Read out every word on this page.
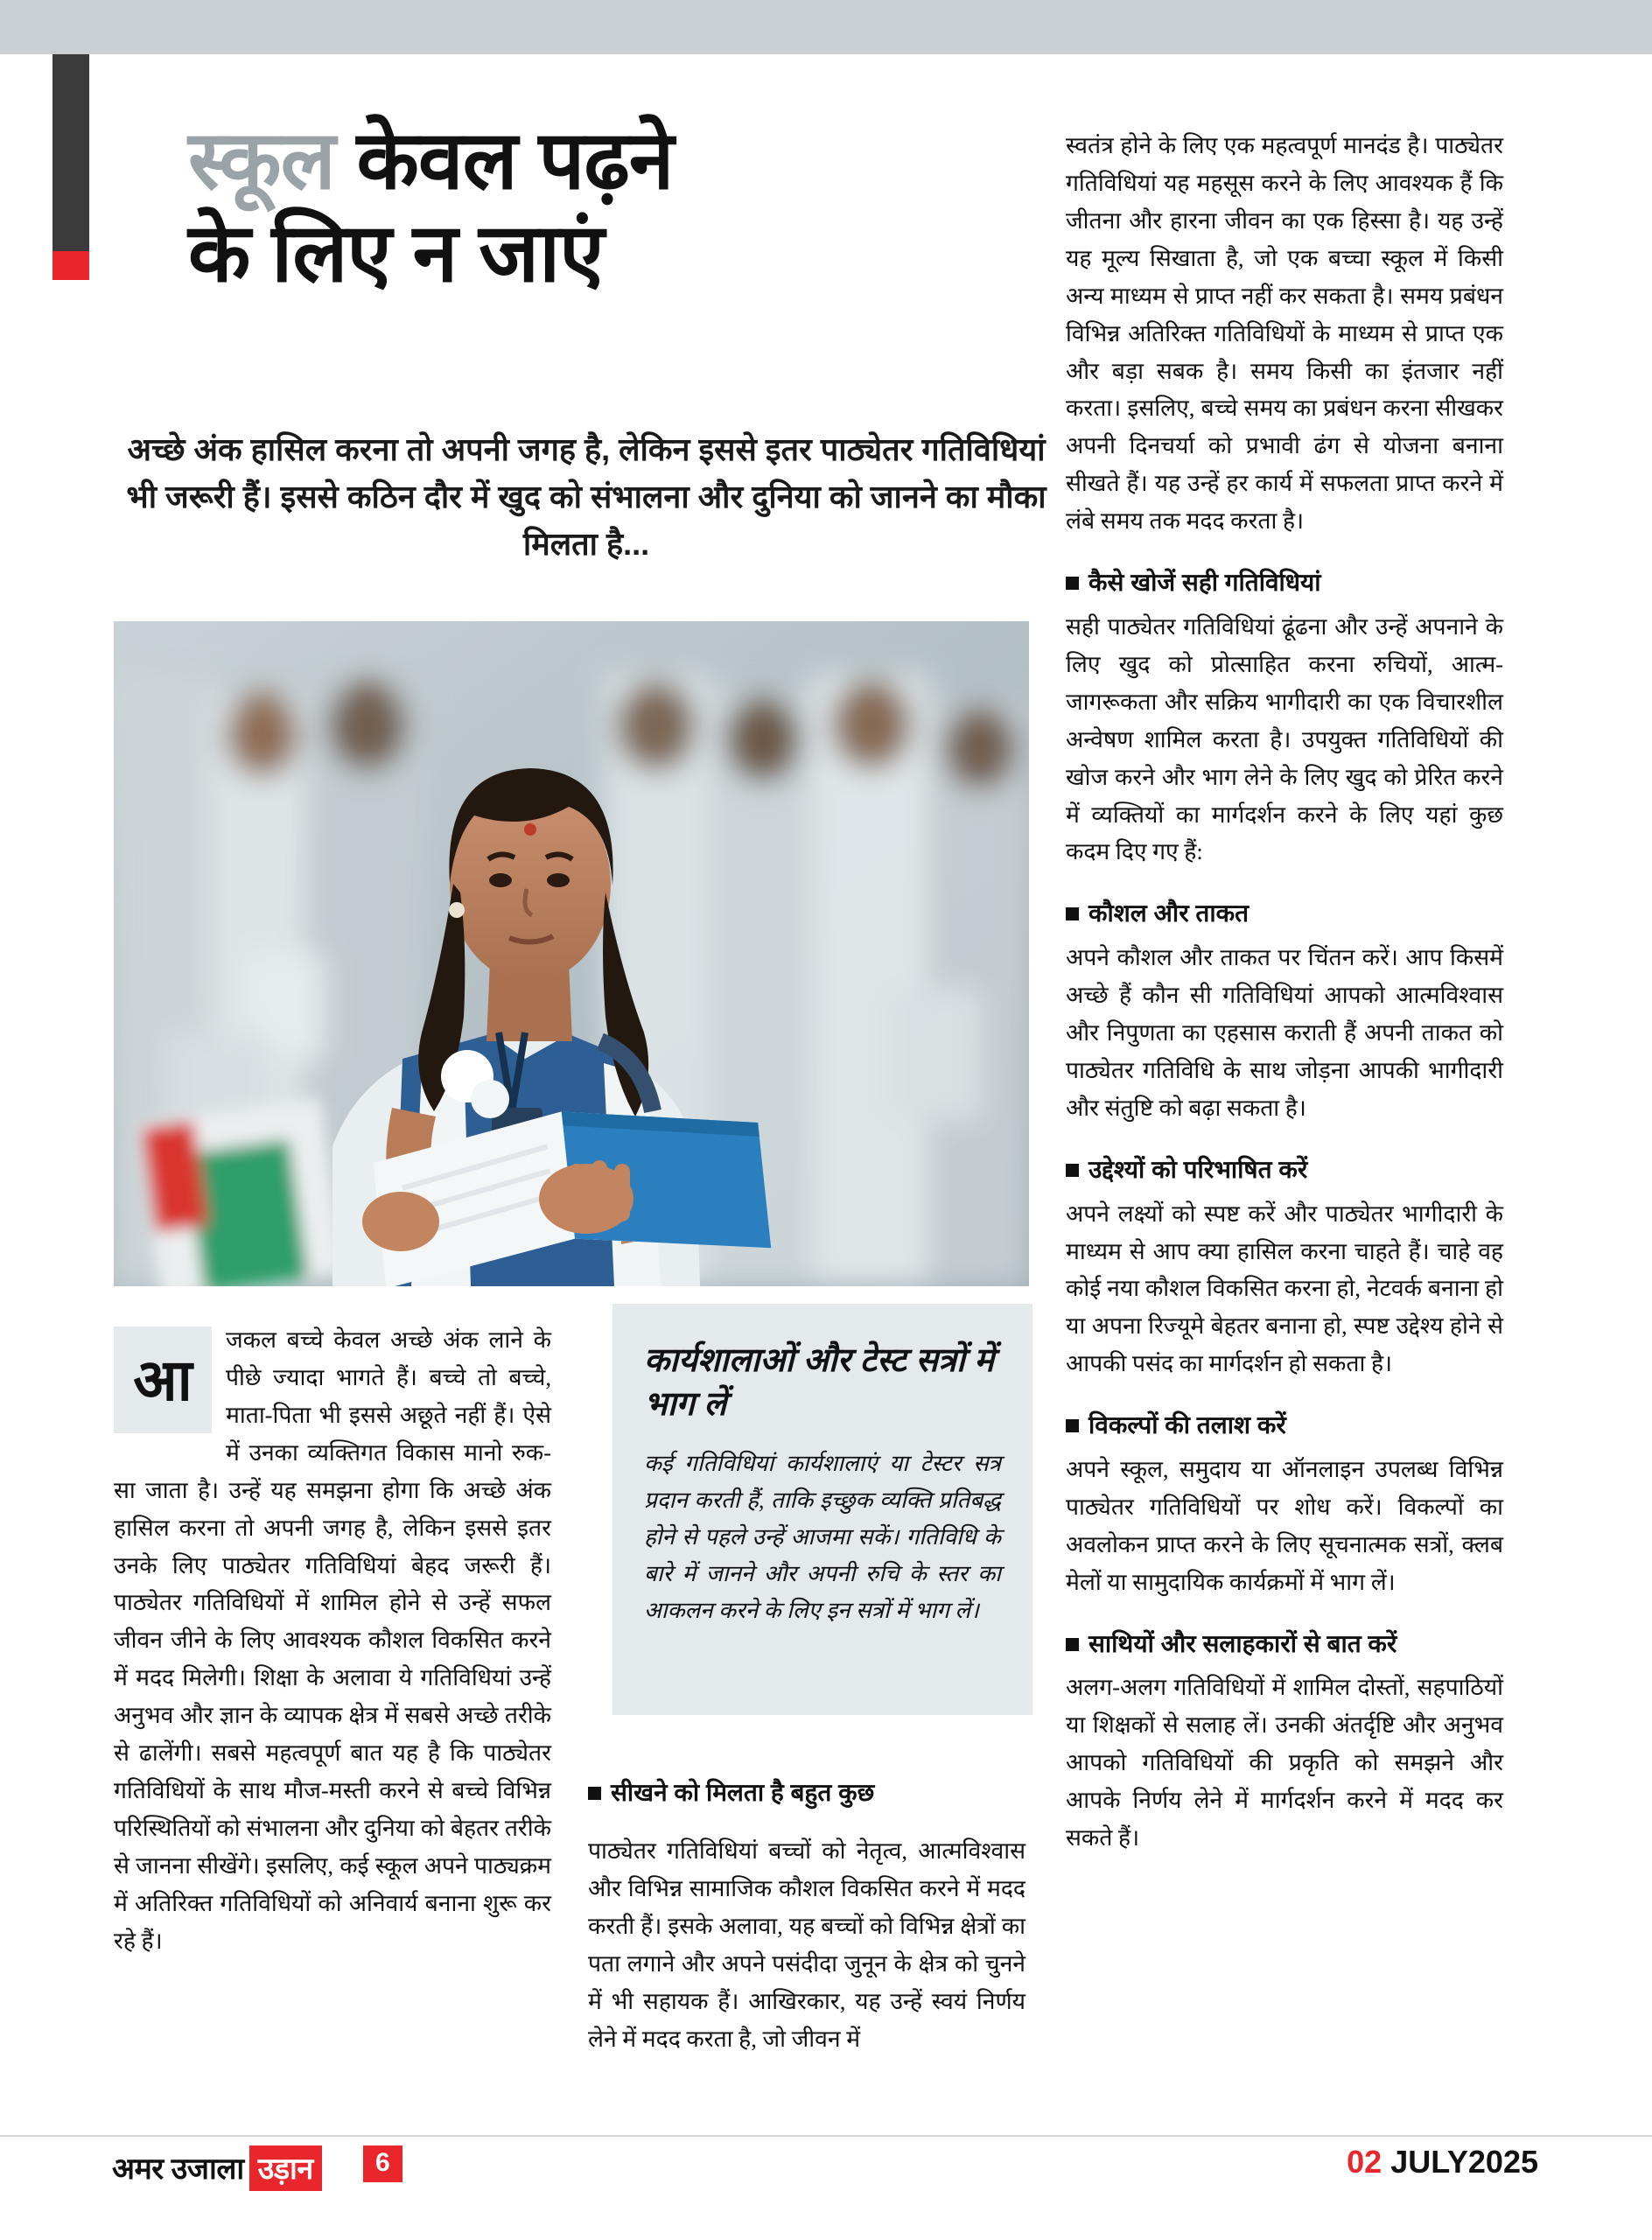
शिक्षा स्कूल केवल पढ़ने
के लिए न जाएं
अच्छे अंक हासिल करना तो अपनी जगह है, लेकिन इससे इतर पाठ्येतर गतिविधियां भी जरूरी हैं। इससे कठिन दौर में खुद को संभालना और दुनिया को जानने का मौका मिलता है...
आ

जकल बच्चे केवल अच्छे अंक लाने के पीछे ज्यादा भागते हैं। बच्चे तो बच्चे, माता-पिता भी इससे अछूते नहीं हैं। ऐसे में उनका व्यक्तिगत विकास मानो रुक-सा जाता है। उन्हें यह समझना होगा कि अच्छे अंक हासिल करना तो अपनी जगह है, लेकिन इससे इतर उनके लिए पाठ्येतर गतिविधियां बेहद जरूरी हैं। पाठ्येतर गतिविधियों में शामिल होने से उन्हें सफल जीवन जीने के लिए आवश्यक कौशल विकसित करने में मदद मिलेगी। शिक्षा के अलावा ये गतिविधियां उन्हें अनुभव और ज्ञान के व्यापक क्षेत्र में सबसे अच्छे तरीके से ढालेंगी। सबसे महत्वपूर्ण बात यह है कि पाठ्येतर गतिविधियों के साथ मौज-मस्ती करने से बच्चे विभिन्न परिस्थितियों को संभालना और दुनिया को बेहतर तरीके से जानना सीखेंगे। इसलिए, कई स्कूल अपने पाठ्यक्रम में अतिरिक्त गतिविधियों को अनिवार्य बनाना शुरू कर रहे हैं।

कार्यशालाओं और टेस्ट सत्रों में भाग लें
कई गतिविधियां कार्यशालाएं या टेस्टर सत्र प्रदान करती हैं, ताकि इच्छुक व्यक्ति प्रतिबद्ध होने से पहले उन्हें आजमा सकें। गतिविधि के बारे में जानने और अपनी रुचि के स्तर का आकलन करने के लिए इन सत्रों में भाग लें।
सीखने को मिलता है बहुत कुछ

पाठ्येतर गतिविधियां बच्चों को नेतृत्व, आत्मविश्वास और विभिन्न सामाजिक कौशल विकसित करने में मदद करती हैं। इसके अलावा, यह बच्चों को विभिन्न क्षेत्रों का पता लगाने और अपने पसंदीदा जुनून के क्षेत्र को चुनने में भी सहायक हैं। आखिरकार, यह उन्हें स्वयं निर्णय लेने में मदद करता है, जो जीवन में

स्वतंत्र होने के लिए एक महत्वपूर्ण मानदंड है। पाठ्येतर गतिविधियां यह महसूस करने के लिए आवश्यक हैं कि जीतना और हारना जीवन का एक हिस्सा है। यह उन्हें यह मूल्य सिखाता है, जो एक बच्चा स्कूल में किसी अन्य माध्यम से प्राप्त नहीं कर सकता है। समय प्रबंधन विभिन्न अतिरिक्त गतिविधियों के माध्यम से प्राप्त एक और बड़ा सबक है। समय किसी का इंतजार नहीं करता। इसलिए, बच्चे समय का प्रबंधन करना सीखकर अपनी दिनचर्या को प्रभावी ढंग से योजना बनाना सीखते हैं। यह उन्हें हर कार्य में सफलता प्राप्त करने में लंबे समय तक मदद करता है।

कैसे खोजें सही गतिविधियां

सही पाठ्येतर गतिविधियां ढूंढना और उन्हें अपनाने के लिए खुद को प्रोत्साहित करना रुचियों, आत्म-जागरूकता और सक्रिय भागीदारी का एक विचारशील अन्वेषण शामिल करता है। उपयुक्त गतिविधियों की खोज करने और भाग लेने के लिए खुद को प्रेरित करने में व्यक्तियों का मार्गदर्शन करने के लिए यहां कुछ कदम दिए गए हैं:

कौशल और ताकत

अपने कौशल और ताकत पर चिंतन करें। आप किसमें अच्छे हैं कौन सी गतिविधियां आपको आत्मविश्वास और निपुणता का एहसास कराती हैं अपनी ताकत को पाठ्येतर गतिविधि के साथ जोड़ना आपकी भागीदारी और संतुष्टि को बढ़ा सकता है।

उद्देश्यों को परिभाषित करें

अपने लक्ष्यों को स्पष्ट करें और पाठ्येतर भागीदारी के माध्यम से आप क्या हासिल करना चाहते हैं। चाहे वह कोई नया कौशल विकसित करना हो, नेटवर्क बनाना हो या अपना रिज्यूमे बेहतर बनाना हो, स्पष्ट उद्देश्य होने से आपकी पसंद का मार्गदर्शन हो सकता है।

विकल्पों की तलाश करें

अपने स्कूल, समुदाय या ऑनलाइन उपलब्ध विभिन्न पाठ्येतर गतिविधियों पर शोध करें। विकल्पों का अवलोकन प्राप्त करने के लिए सूचनात्मक सत्रों, क्लब मेलों या सामुदायिक कार्यक्रमों में भाग लें।

साथियों और सलाहकारों से बात करें

अलग-अलग गतिविधियों में शामिल दोस्तों, सहपाठियों या शिक्षकों से सलाह लें। उनकी अंतर्दृष्टि और अनुभव आपको गतिविधियों की प्रकृति को समझने और आपके निर्णय लेने में मार्गदर्शन करने में मदद कर सकते हैं।

अमर उजाला उड़ान	6	02 JULY2025
